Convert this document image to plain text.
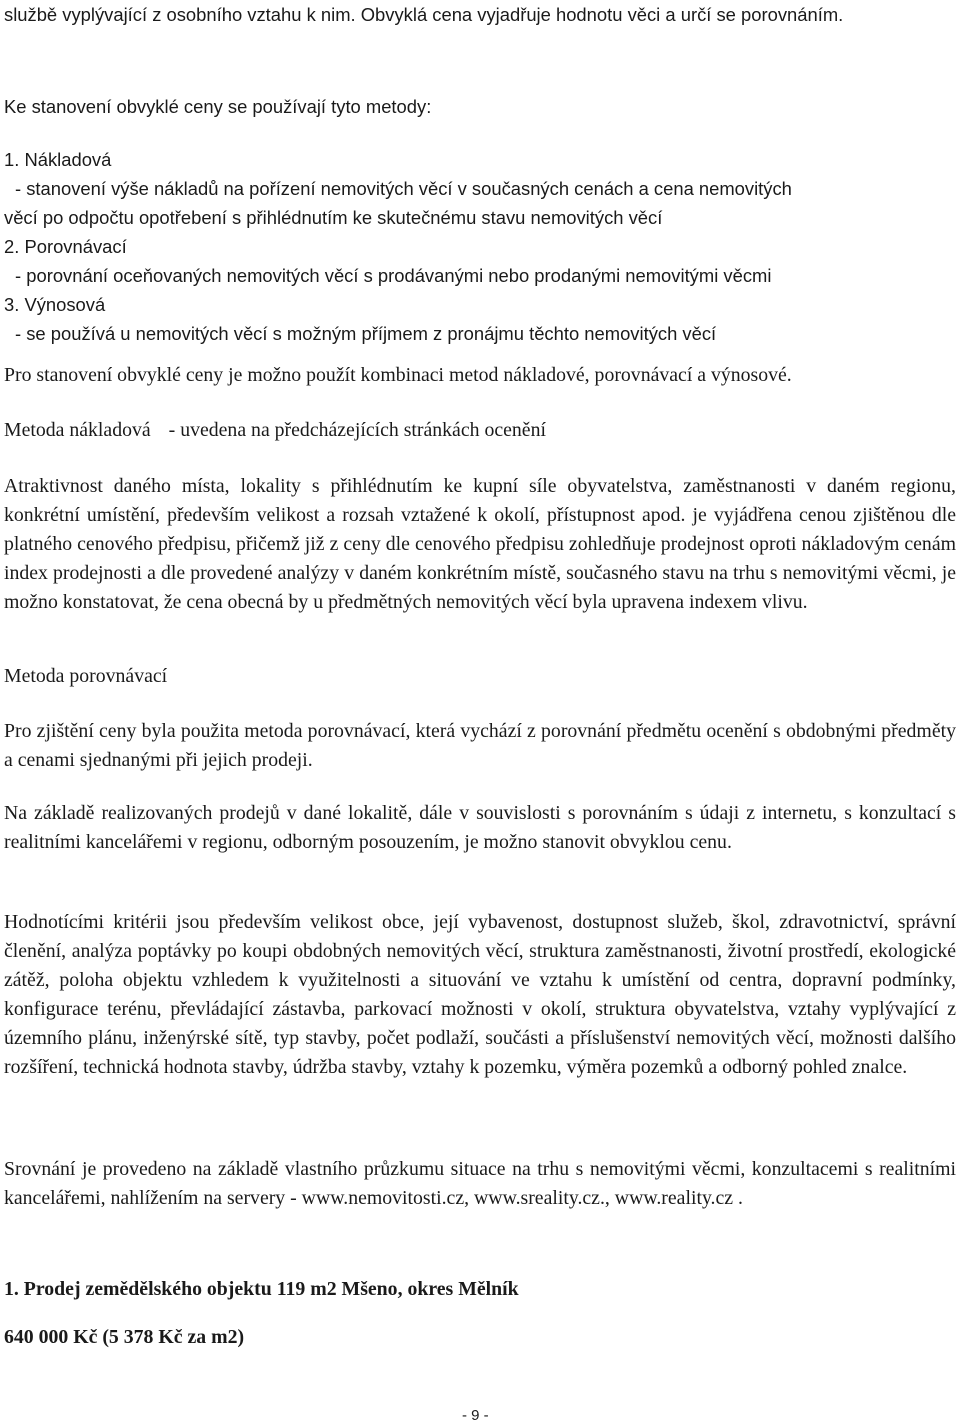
službě vyplývající z osobního vztahu k nim. Obvyklá cena vyjadřuje hodnotu věci a určí se porovnáním.

Ke stanovení obvyklé ceny se používají tyto metody:

1. Nákladová
- stanovení výše nákladů na pořízení nemovitých věcí v současných cenách a cena nemovitých
věcí po odpočtu opotřebení s přihlédnutím ke skutečnému stavu nemovitých věcí
2. Porovnávací
- porovnání oceňovaných nemovitých věcí s prodávanými nebo prodanými nemovitými věcmi
3. Výnosová
- se používá u nemovitých věcí s možným příjmem z pronájmu těchto nemovitých věcí

Pro stanovení obvyklé ceny je možno použít kombinaci metod nákladové, porovnávací a výnosové.

Metoda nákladová - uvedena na předcházejících stránkách ocenění

Atraktivnost daného místa, lokality s přihlédnutím ke kupní síle obyvatelstva, zaměstnanosti v daném regionu, konkrétní umístění, především velikost a rozsah vztažené k okolí, přístupnost apod. je vyjádřena cenou zjištěnou dle platného cenového předpisu, přičemž již z ceny dle cenového předpisu zohledňuje prodejnost oproti nákladovým cenám index prodejnosti a dle provedené analýzy v daném konkrétním místě, současného stavu na trhu s nemovitými věcmi, je možno konstatovat, že cena obecná by u předmětných nemovitých věcí byla upravena indexem vlivu.

Metoda porovnávací

Pro zjištění ceny byla použita metoda porovnávací, která vychází z porovnání předmětu ocenění s obdobnými předměty a cenami sjednanými při jejich prodeji.

Na základě realizovaných prodejů v dané lokalitě, dále v souvislosti s porovnáním s údaji z internetu, s konzultací s realitními kancelářemi v regionu, odborným posouzením, je možno stanovit obvyklou cenu.

Hodnotícími kritérii jsou především velikost obce, její vybavenost, dostupnost služeb, škol, zdravotnictví, správní členění, analýza poptávky po koupi obdobných nemovitých věcí, struktura zaměstnanosti, životní prostředí, ekologické zátěž, poloha objektu vzhledem k využitelnosti a situování ve vztahu k umístění od centra, dopravní podmínky, konfigurace terénu, převládající zástavba, parkovací možnosti v okolí, struktura obyvatelstva, vztahy vyplývající z územního plánu, inženýrské sítě, typ stavby, počet podlaží, součásti a příslušenství nemovitých věcí, možnosti dalšího rozšíření, technická hodnota stavby, údržba stavby, vztahy k pozemku, výměra pozemků a odborný pohled znalce.

Srovnání je provedeno na základě vlastního průzkumu situace na trhu s nemovitými věcmi, konzultacemi s realitními kancelářemi, nahlížením na servery - www.nemovitosti.cz, www.sreality.cz., www.reality.cz .

1. Prodej zemědělského objektu 119 m2 Mšeno, okres Mělník

640 000 Kč (5 378 Kč za m2)

- 9 -
